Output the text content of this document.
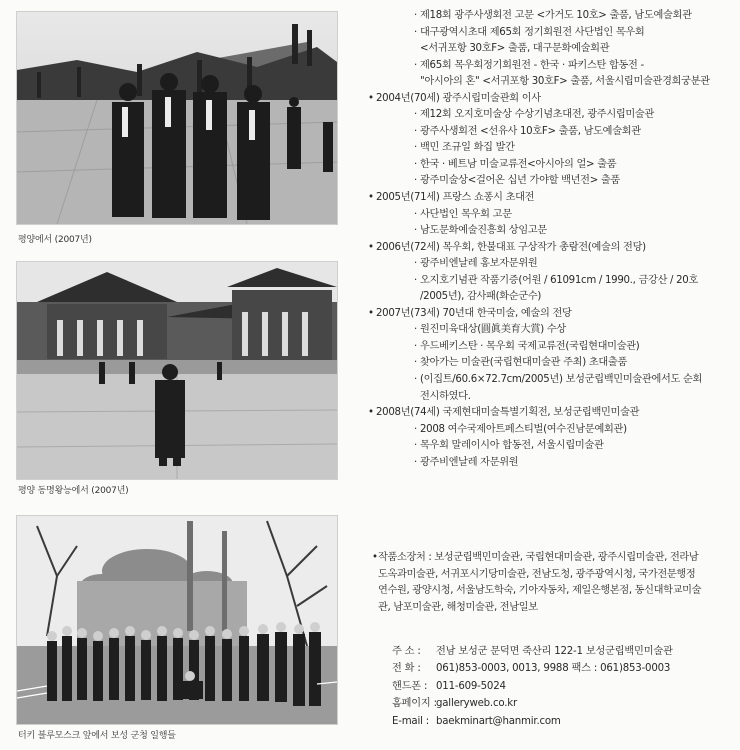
평양에서 (2007년)
평양 동명왕능에서 (2007년)
터키 블루모스크 앞에서 보성 군청 일행들
· 제18회 광주사생회전 고문 <가거도 10호> 출품, 남도예술회관
· 대구광역시초대 제65회 정기회원전 사단법인 목우회
<서귀포항 30호F> 출품, 대구문화예술회관
· 제65회 목우회정기회원전 - 한국 · 파키스탄 합동전 -
"아시아의 혼" <서귀포항 30호F> 출품, 서울시립미술관경희궁분관
• 2004년(70세) 광주시립미술관회 이사
· 제12회 오지호미술상 수상기념초대전, 광주시립미술관
· 광주사생회전 <선유사 10호F> 출품, 남도예술회관
· 백민 조규일 화집 발간
· 한국 · 베트남 미술교류전<아시아의 얼> 출품
· 광주미술상<걸어온 십년 가야할 백년전> 출품
• 2005년(71세) 프랑스 쇼퐁시 초대전
· 사단법인 목우회 고문
· 남도문화예술진흥회 상임고문
• 2006년(72세) 목우회, 한불대표 구상작가 총람전(예술의 전당)
· 광주비엔날레 홍보자문위원
· 오지호기념관 작품기증(어원 / 61091cm / 1990., 금강산 / 20호
/2005년), 감사패(화순군수)
• 2007년(73세) 70년대 한국미술, 예술의 전당
· 원진미육대상(圓眞美育大賞) 수상
· 우드베키스탄 · 목우회 국제교류전(국립현대미술관)
· 찾아가는 미술관(국립현대미술관 주최) 초대출품
· (이집트/60.6×72.7cm/2005년) 보성군립백민미술관에서도 순회
전시하였다.
• 2008년(74세) 국제현대미술특별기획전, 보성군립백민미술관
· 2008 여수국제아트페스티벌(여수진남문예회관)
· 목우회 말레이시아 합동전, 서울시립미술관
· 광주비엔날레 자문위원
• 작품소장처 : 보성군립백민미술관, 국립현대미술관, 광주시립미술관, 전라남
도옥과미술관, 서귀포시기당미술관, 전남도청, 광주광역시청, 국가전문행정
연수원, 광양시청, 서울남도학숙, 기아자동차, 제일은행본점, 동신대학교미술
관, 남포미술관, 해청미술관, 전남일보
주 소 :	전남 보성군 문덕면 죽산리 122-1 보성군립백민미술관
전 화 :	061)853-0003, 0013, 9988 팩스 : 061)853-0003
핸드폰 : 011-609-5024
홈페이지 : galleryweb.co.kr
E-mail : baekminart@hanmir.com
